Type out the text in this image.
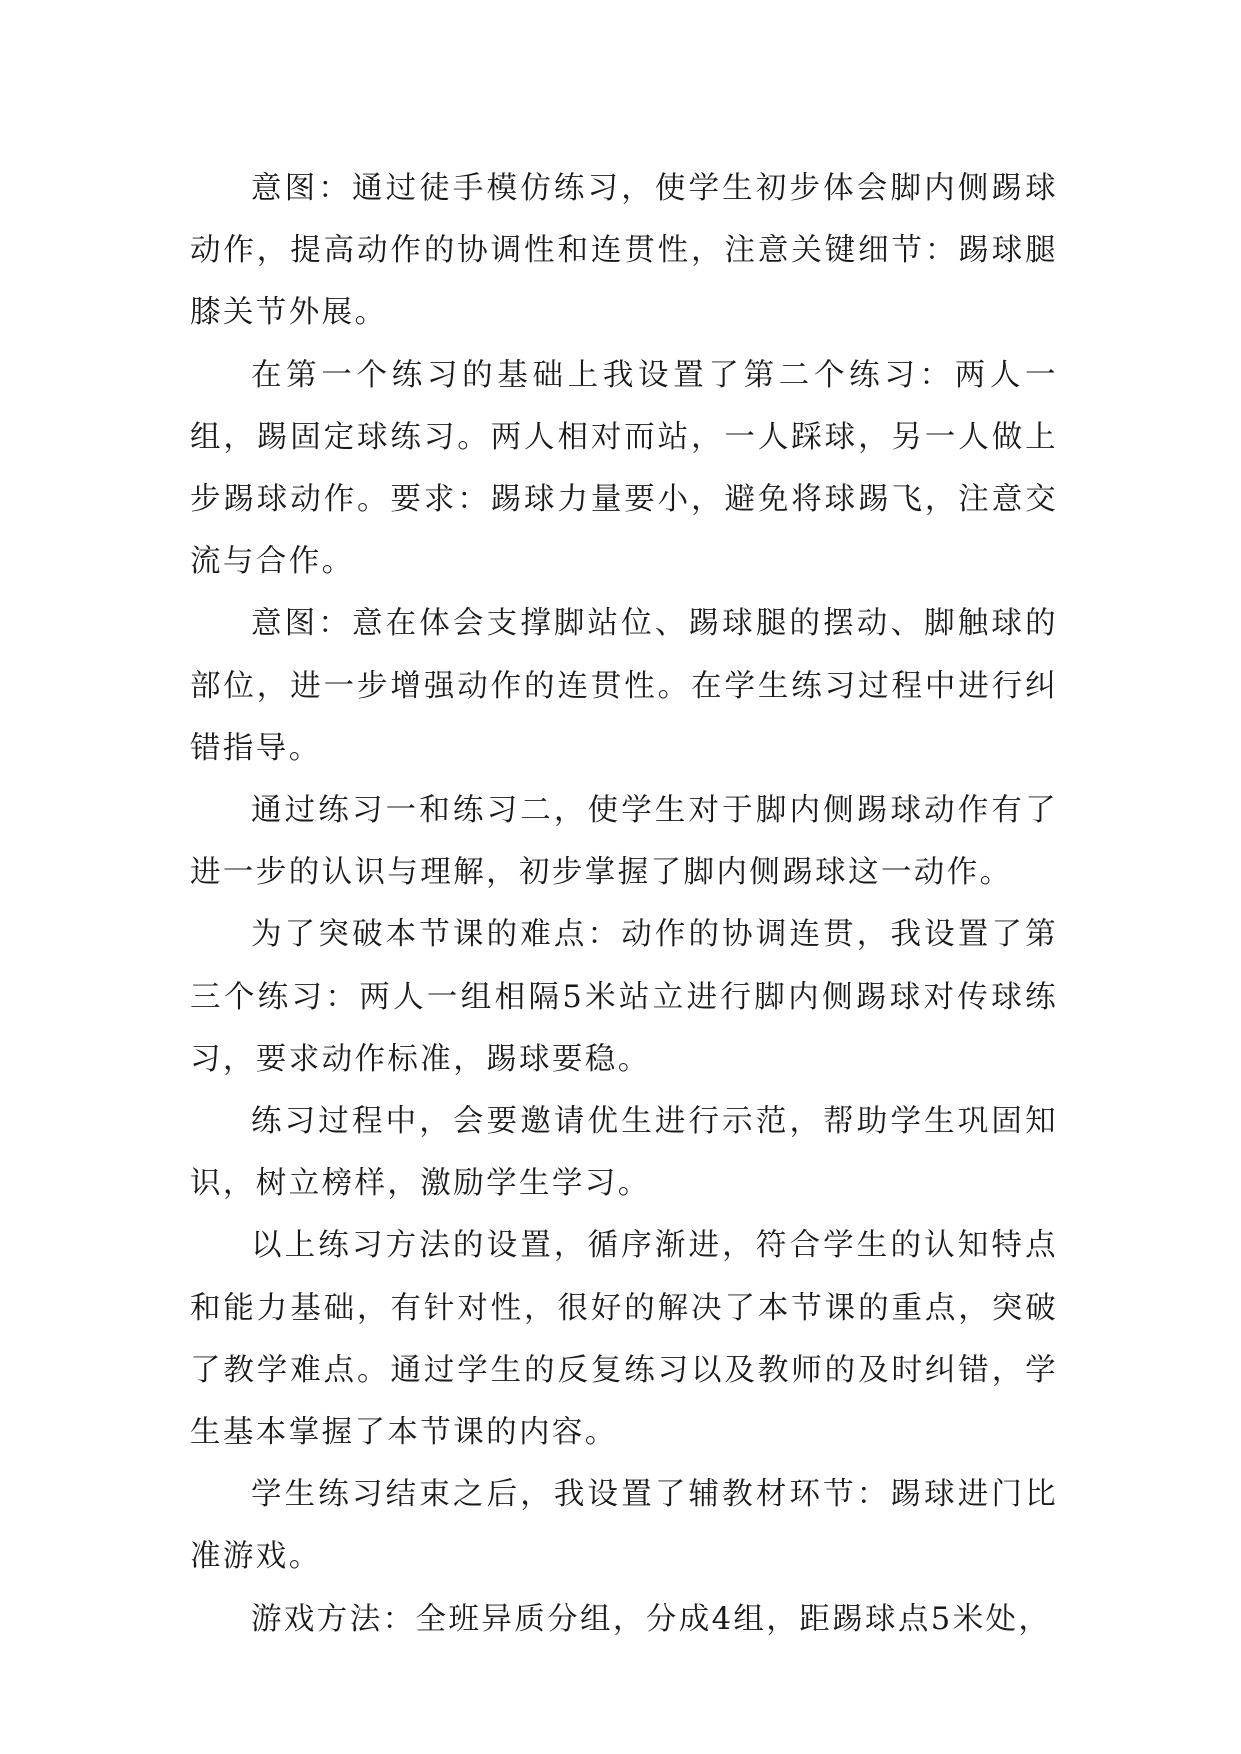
意图：通过徒手模仿练习，使学生初步体会脚内侧踢球动作，提高动作的协调性和连贯性，注意关键细节：踢球腿膝关节外展。

在第一个练习的基础上我设置了第二个练习：两人一组，踢固定球练习。两人相对而站，一人踩球，另一人做上步踢球动作。要求：踢球力量要小，避免将球踢飞，注意交流与合作。

意图：意在体会支撑脚站位、踢球腿的摆动、脚触球的部位，进一步增强动作的连贯性。在学生练习过程中进行纠错指导。

通过练习一和练习二，使学生对于脚内侧踢球动作有了进一步的认识与理解，初步掌握了脚内侧踢球这一动作。

为了突破本节课的难点：动作的协调连贯，我设置了第三个练习：两人一组相隔5米站立进行脚内侧踢球对传球练习，要求动作标准，踢球要稳。

练习过程中，会要邀请优生进行示范，帮助学生巩固知识，树立榜样，激励学生学习。

以上练习方法的设置，循序渐进，符合学生的认知特点和能力基础，有针对性，很好的解决了本节课的重点，突破了教学难点。通过学生的反复练习以及教师的及时纠错，学生基本掌握了本节课的内容。

学生练习结束之后，我设置了辅教材环节：踢球进门比准游戏。

游戏方法：全班异质分组，分成4组，距踢球点5米处，
